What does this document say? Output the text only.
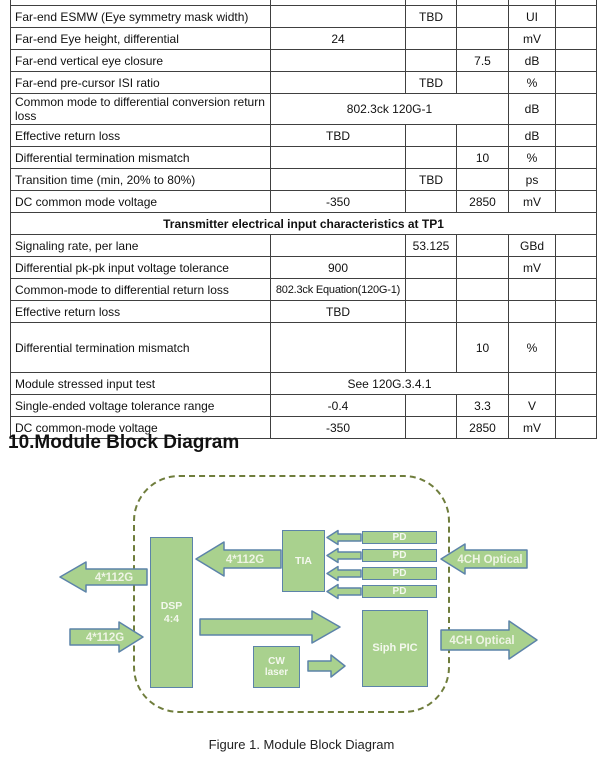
Far-end ESMW (Eye symmetry mask width)		TBD		UI	
Far-end Eye height, differential	24			mV	
Far-end vertical eye closure			7.5	dB	
Far-end pre-cursor ISI ratio		TBD		%	
Common mode to differential conversion return loss	802.3ck 120G-1			dB	
Effective return loss	TBD			dB	
Differential termination mismatch			10	%	
Transition time (min, 20% to 80%)		TBD		ps	
DC common mode voltage	-350		2850	mV	
Transmitter electrical input characteristics at TP1					
Signaling rate, per lane		53.125		GBd	
Differential pk-pk input voltage tolerance	900			mV	
Common-mode to differential return loss	802.3ck Equation(120G-1)				
Effective return loss	TBD				
Differential termination mismatch			10	%	
Module stressed input test	See 120G.3.4.1				
Single-ended voltage tolerance range	-0.4		3.3	V	
DC common-mode voltage	-350		2850	mV	
10.Module Block Diagram
4*112G
4*112G
4*112G	4CH Optical
4CH Optical
DSP
4:4
TIA
PD
PD
PD
PD
CW
laser
Siph PIC
Figure 1. Module Block Diagram
